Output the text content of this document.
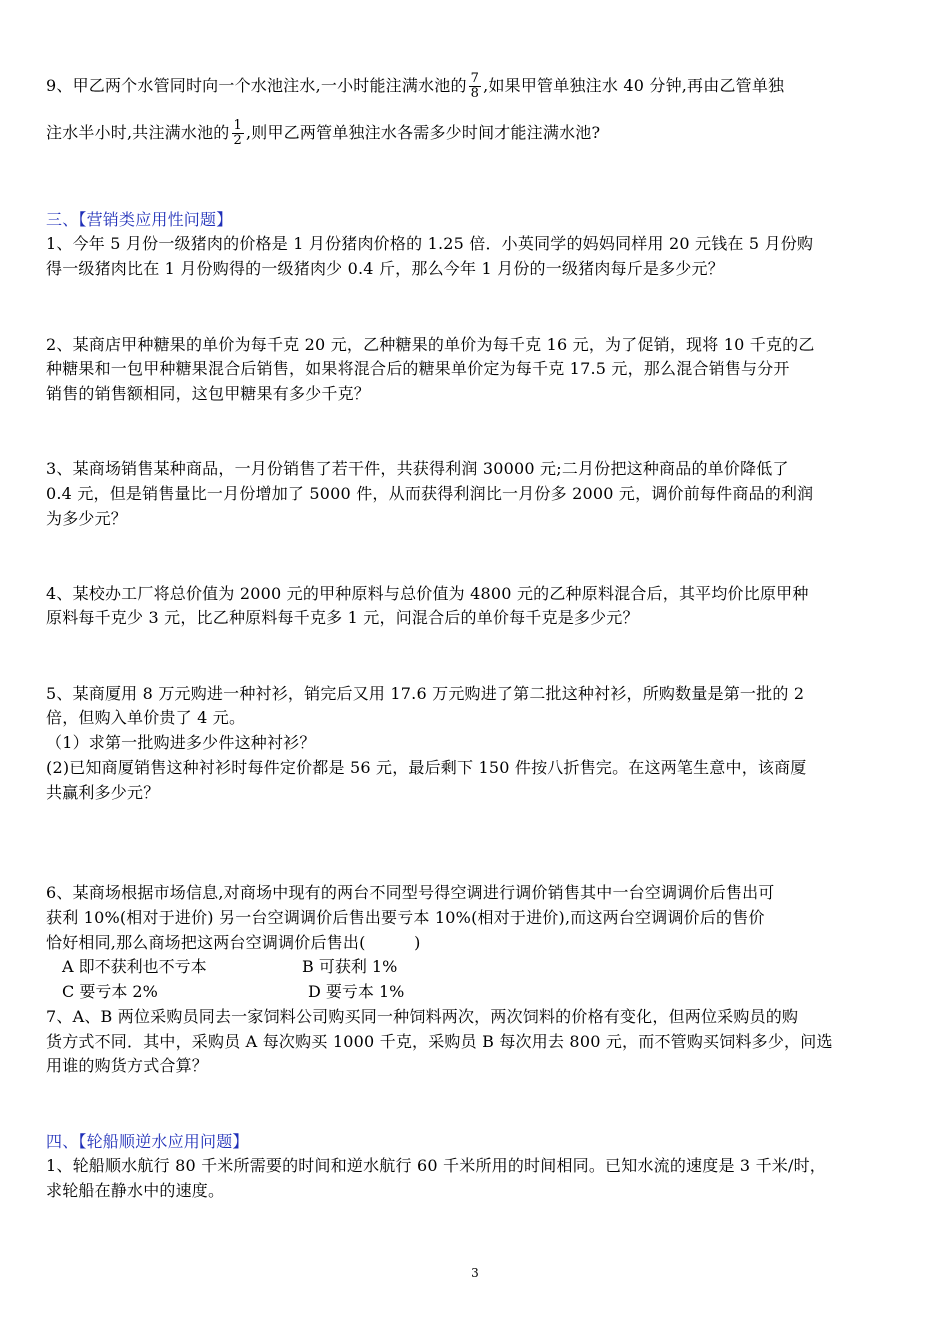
9、甲乙两个水管同时向一个水池注水,一小时能注满水池的 $\frac{7}{8}$ ,如果甲管单独注水 40 分钟,再由乙管单独
注水半小时,共注满水池的 $\frac{1}{2}$ ,则甲乙两管单独注水各需多少时间才能注满水池?
三、【营销类应用性问题】
1、今年 5 月份一级猪肉的价格是 1 月份猪肉价格的 1.25 倍．小英同学的妈妈同样用 20 元钱在 5 月份购
得一级猪肉比在 1 月份购得的一级猪肉少 0.4 斤，那么今年 1 月份的一级猪肉每斤是多少元？
2、某商店甲种糖果的单价为每千克 20 元，乙种糖果的单价为每千克 16 元，为了促销，现将 10 千克的乙
种糖果和一包甲种糖果混合后销售，如果将混合后的糖果单价定为每千克 17.5 元，那么混合销售与分开
销售的销售额相同，这包甲糖果有多少千克？
3、某商场销售某种商品，一月份销售了若干件，共获得利润 30000 元;二月份把这种商品的单价降低了
0.4 元，但是销售量比一月份增加了 5000 件，从而获得利润比一月份多 2000 元，调价前每件商品的利润
为多少元？
4、某校办工厂将总价值为 2000 元的甲种原料与总价值为 4800 元的乙种原料混合后，其平均价比原甲种
原料每千克少 3 元，比乙种原料每千克多 1 元，问混合后的单价每千克是多少元？
5、某商厦用 8 万元购进一种衬衫，销完后又用 17.6 万元购进了第二批这种衬衫，所购数量是第一批的 2
倍，但购入单价贵了 4 元。
（1）求第一批购进多少件这种衬衫？
(2)已知商厦销售这种衬衫时每件定价都是 56 元，最后剩下 150 件按八折售完。在这两笔生意中，该商厦
共赢利多少元？
6、某商场根据市场信息,对商场中现有的两台不同型号得空调进行调价销售其中一台空调调价后售出可
获利 10%(相对于进价) 另一台空调调价后售出要亏本 10%(相对于进价),而这两台空调调价后的售价
恰好相同,那么商场把这两台空调调价后售出(　　　)
A 即不获利也不亏本	B 可获利 1%
C 要亏本 2%	D 要亏本 1%
7、A、B 两位采购员同去一家饲料公司购买同一种饲料两次，两次饲料的价格有变化，但两位采购员的购
货方式不同．其中，采购员 A 每次购买 1000 千克，采购员 B 每次用去 800 元，而不管购买饲料多少，问选
用谁的购货方式合算？
四、【轮船顺逆水应用问题】
1、轮船顺水航行 80 千米所需要的时间和逆水航行 60 千米所用的时间相同。已知水流的速度是 3 千米/时，
求轮船在静水中的速度。
3
